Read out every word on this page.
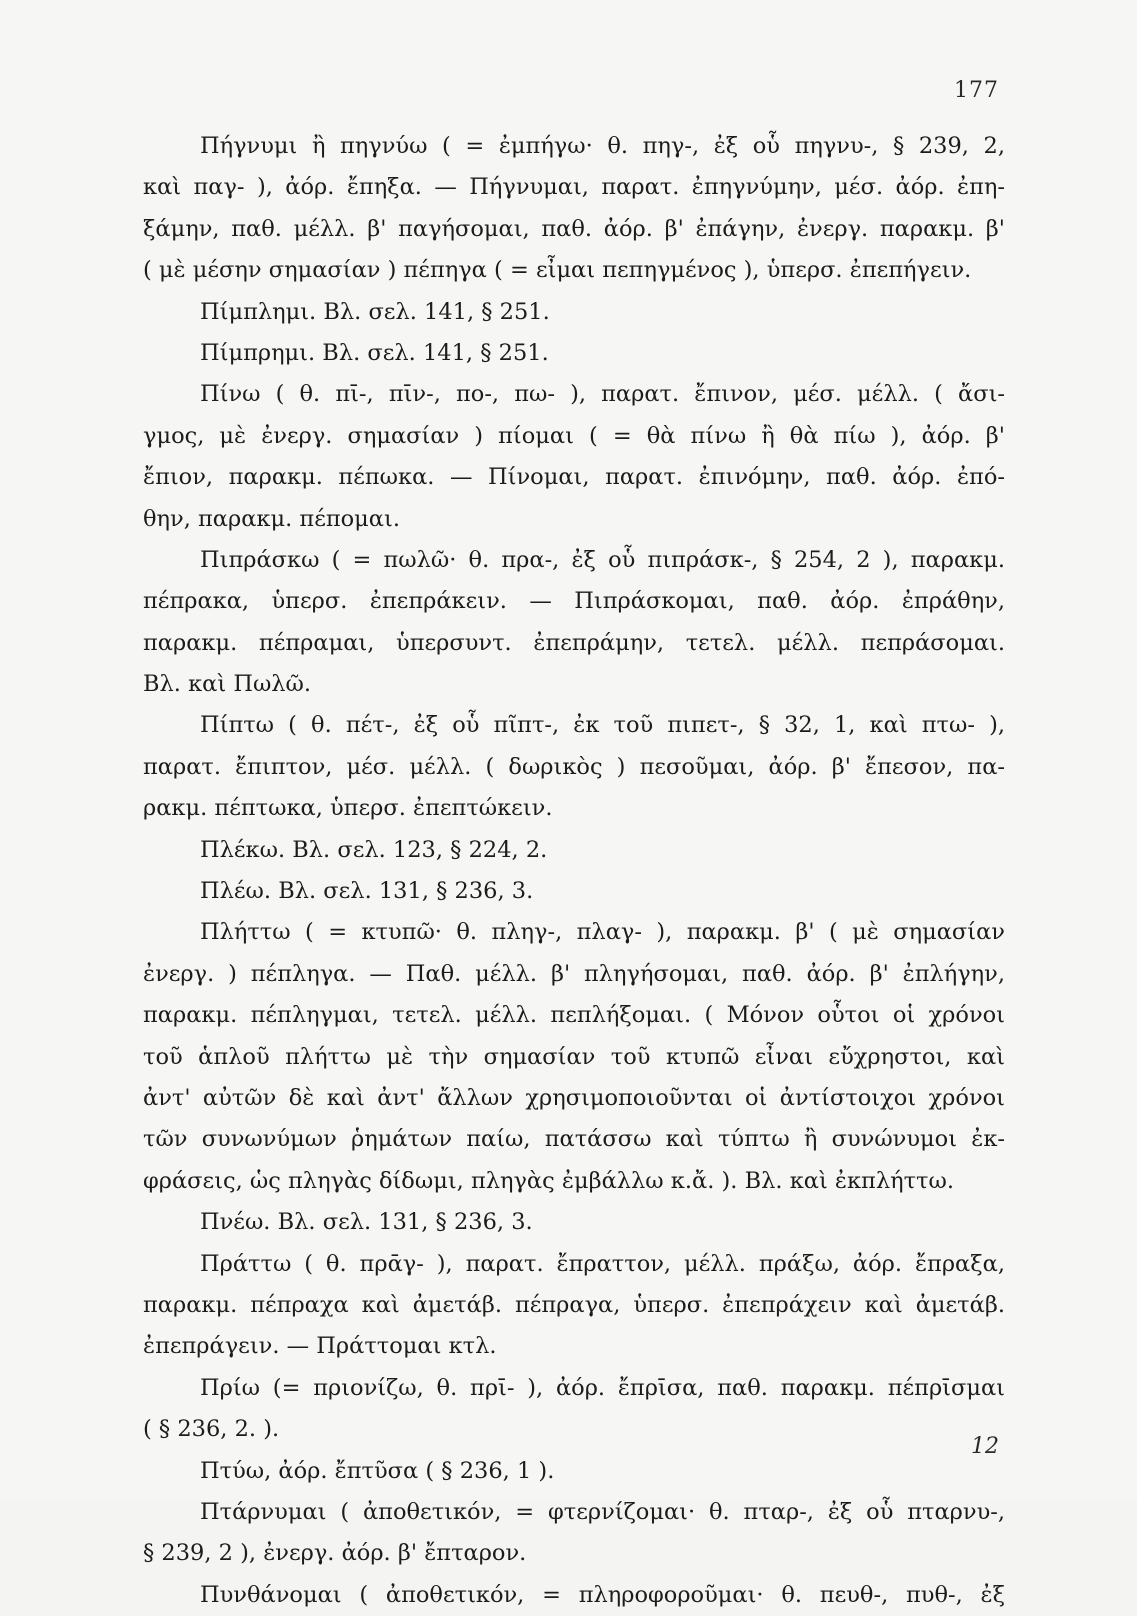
177
Πήγνυμι ἢ πηγνύω ( = ἐμπήγω· θ. πηγ-, ἐξ οὗ πηγνυ-, § 239, 2,
καὶ παγ- ), ἀόρ. ἔπηξα. — Πήγνυμαι, παρατ. ἐπηγνύμην, μέσ. ἀόρ. ἐπη-
ξάμην, παθ. μέλλ. β' παγήσομαι, παθ. ἀόρ. β' ἐπάγην, ἐνεργ. παρακμ. β'
( μὲ μέσην σημασίαν ) πέπηγα ( = εἶμαι πεπηγμένος ), ὑπερσ. ἐπεπήγειν.
Πίμπλημι. Βλ. σελ. 141, § 251.
Πίμπρημι. Βλ. σελ. 141, § 251.
Πίνω ( θ. πῑ-, πῑν-, πο-, πω- ), παρατ. ἔπινον, μέσ. μέλλ. ( ἄσι-
γμος, μὲ ἐνεργ. σημασίαν ) πίομαι ( = θὰ πίνω ἢ θὰ πίω ), ἀόρ. β'
ἔπιον, παρακμ. πέπωκα. — Πίνομαι, παρατ. ἐπινόμην, παθ. ἀόρ. ἐπό-
θην, παρακμ. πέπομαι.
Πιπράσκω ( = πωλῶ· θ. πρα-, ἐξ οὗ πιπράσκ-, § 254, 2 ), παρακμ.
πέπρακα, ὑπερσ. ἐπεπράκειν. — Πιπράσκομαι, παθ. ἀόρ. ἐπράθην,
παρακμ. πέπραμαι, ὑπερσυντ. ἐπεπράμην, τετελ. μέλλ. πεπράσομαι.
Βλ. καὶ Πωλῶ.
Πίπτω ( θ. πέτ-, ἐξ οὗ πῖπτ-, ἐκ τοῦ πιπετ-, § 32, 1, καὶ πτω- ),
παρατ. ἔπιπτον, μέσ. μέλλ. ( δωρικὸς ) πεσοῦμαι, ἀόρ. β' ἔπεσον, πα-
ρακμ. πέπτωκα, ὑπερσ. ἐπεπτώκειν.
Πλέκω. Βλ. σελ. 123, § 224, 2.
Πλέω. Βλ. σελ. 131, § 236, 3.
Πλήττω ( = κτυπῶ· θ. πληγ-, πλαγ- ), παρακμ. β' ( μὲ σημασίαν
ἐνεργ. ) πέπληγα. — Παθ. μέλλ. β' πληγήσομαι, παθ. ἀόρ. β' ἐπλήγην,
παρακμ. πέπληγμαι, τετελ. μέλλ. πεπλήξομαι. ( Μόνον οὗτοι οἱ χρόνοι
τοῦ ἁπλοῦ πλήττω μὲ τὴν σημασίαν τοῦ κτυπῶ εἶναι εὔχρηστοι, καὶ
ἀντ' αὐτῶν δὲ καὶ ἀντ' ἄλλων χρησιμοποιοῦνται οἱ ἀντίστοιχοι χρόνοι
τῶν συνωνύμων ῥημάτων παίω, πατάσσω καὶ τύπτω ἢ συνώνυμοι ἐκ-
φράσεις, ὡς πληγὰς δίδωμι, πληγὰς ἐμβάλλω κ.ἄ. ). Βλ. καὶ ἐκπλήττω.
Πνέω. Βλ. σελ. 131, § 236, 3.
Πράττω ( θ. πρᾱγ- ), παρατ. ἔπραττον, μέλλ. πράξω, ἀόρ. ἔπραξα,
παρακμ. πέπραχα καὶ ἀμετάβ. πέπραγα, ὑπερσ. ἐπεπράχειν καὶ ἀμετάβ.
ἐπεπράγειν. — Πράττομαι κτλ.
Πρίω (= πριονίζω, θ. πρῑ- ), ἀόρ. ἔπρῑσα, παθ. παρακμ. πέπρῑσμαι
( § 236, 2. ).
Πτύω, ἀόρ. ἔπτῦσα ( § 236, 1 ).
Πτάρνυμαι ( ἀποθετικόν, = φτερνίζομαι· θ. πταρ-, ἐξ οὗ πταρνυ-,
§ 239, 2 ), ἐνεργ. ἀόρ. β' ἔπταρον.
Πυνθάνομαι ( ἀποθετικόν, = πληροφοροῦμαι· θ. πευθ-, πυθ-, ἐξ
12
